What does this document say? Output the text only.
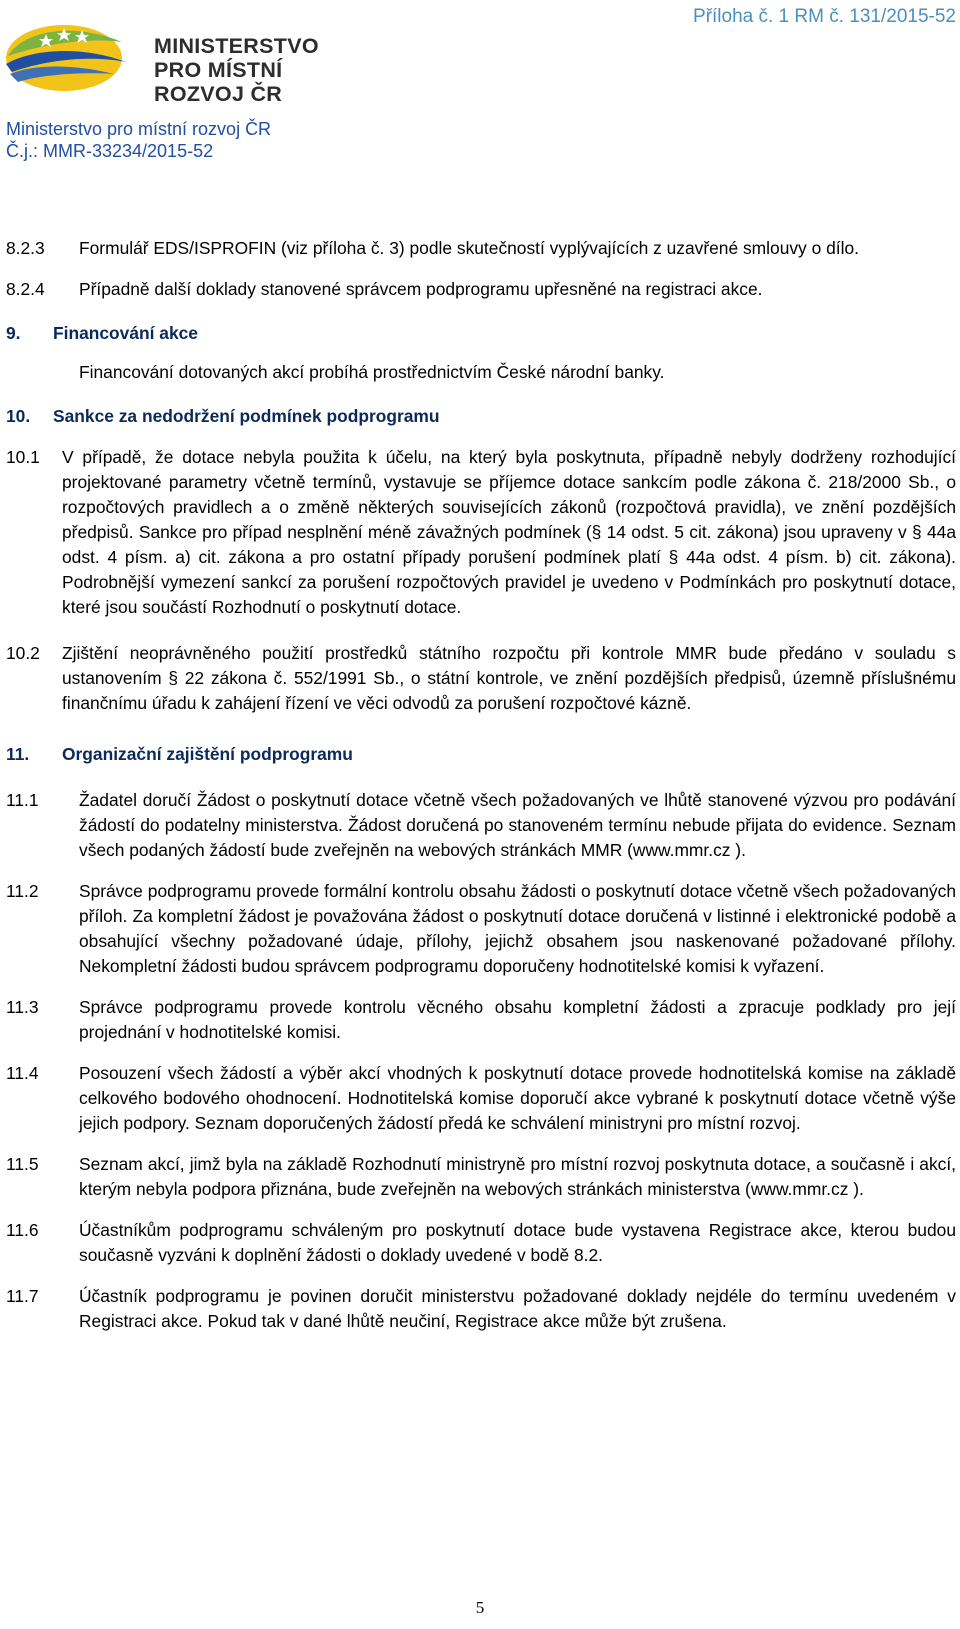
MINISTERSTVO
PRO MÍSTNÍ
ROZVOJ ČR
Příloha č. 1 RM č. 131/2015-52
Ministerstvo pro místní rozvoj ČR
Č.j.: MMR-33234/2015-52
8.2.3 Formulář EDS/ISPROFIN (viz příloha č. 3) podle skutečností vyplývajících z uzavřené smlouvy o dílo.
8.2.4 Případně další doklady stanovené správcem podprogramu upřesněné na registraci akce.
9. Financování akce
Financování dotovaných akcí probíhá prostřednictvím České národní banky.
10. Sankce za nedodržení podmínek podprogramu
10.1 V případě, že dotace nebyla použita k účelu, na který byla poskytnuta, případně nebyly dodrženy rozhodující projektované parametry včetně termínů, vystavuje se příjemce dotace sankcím podle zákona č. 218/2000 Sb., o rozpočtových pravidlech a o změně některých souvisejících zákonů (rozpočtová pravidla), ve znění pozdějších předpisů. Sankce pro případ nesplnění méně závažných podmínek (§ 14 odst. 5 cit. zákona) jsou upraveny v § 44a odst. 4 písm. a) cit. zákona a pro ostatní případy porušení podmínek platí § 44a odst. 4 písm. b) cit. zákona). Podrobnější vymezení sankcí za porušení rozpočtových pravidel je uvedeno v Podmínkách pro poskytnutí dotace, které jsou součástí Rozhodnutí o poskytnutí dotace.
10.2 Zjištění neoprávněného použití prostředků státního rozpočtu při kontrole MMR bude předáno v souladu s ustanovením § 22 zákona č. 552/1991 Sb., o státní kontrole, ve znění pozdějších předpisů, územně příslušnému finančnímu úřadu k zahájení řízení ve věci odvodů za porušení rozpočtové kázně.
11. Organizační zajištění podprogramu
11.1 Žadatel doručí Žádost o poskytnutí dotace včetně všech požadovaných ve lhůtě stanovené výzvou pro podávání žádostí do podatelny ministerstva. Žádost doručená po stanoveném termínu nebude přijata do evidence. Seznam všech podaných žádostí bude zveřejněn na webových stránkách MMR (www.mmr.cz ).
11.2 Správce podprogramu provede formální kontrolu obsahu žádosti o poskytnutí dotace včetně všech požadovaných příloh. Za kompletní žádost je považována žádost o poskytnutí dotace doručená v listinné i elektronické podobě a obsahující všechny požadované údaje, přílohy, jejichž obsahem jsou naskenované požadované přílohy. Nekompletní žádosti budou správcem podprogramu doporučeny hodnotitelské komisi k vyřazení.
11.3 Správce podprogramu provede kontrolu věcného obsahu kompletní žádosti a zpracuje podklady pro její projednání v hodnotitelské komisi.
11.4 Posouzení všech žádostí a výběr akcí vhodných k poskytnutí dotace provede hodnotitelská komise na základě celkového bodového ohodnocení. Hodnotitelská komise doporučí akce vybrané k poskytnutí dotace včetně výše jejich podpory. Seznam doporučených žádostí předá ke schválení ministryni pro místní rozvoj.
11.5 Seznam akcí, jimž byla na základě Rozhodnutí ministryně pro místní rozvoj poskytnuta dotace, a současně i akcí, kterým nebyla podpora přiznána, bude zveřejněn na webových stránkách ministerstva (www.mmr.cz ).
11.6 Účastníkům podprogramu schváleným pro poskytnutí dotace bude vystavena Registrace akce, kterou budou současně vyzváni k doplnění žádosti o doklady uvedené v bodě 8.2.
11.7 Účastník podprogramu je povinen doručit ministerstvu požadované doklady nejdéle do termínu uvedeném v Registraci akce. Pokud tak v dané lhůtě neučiní, Registrace akce může být zrušena.
5
